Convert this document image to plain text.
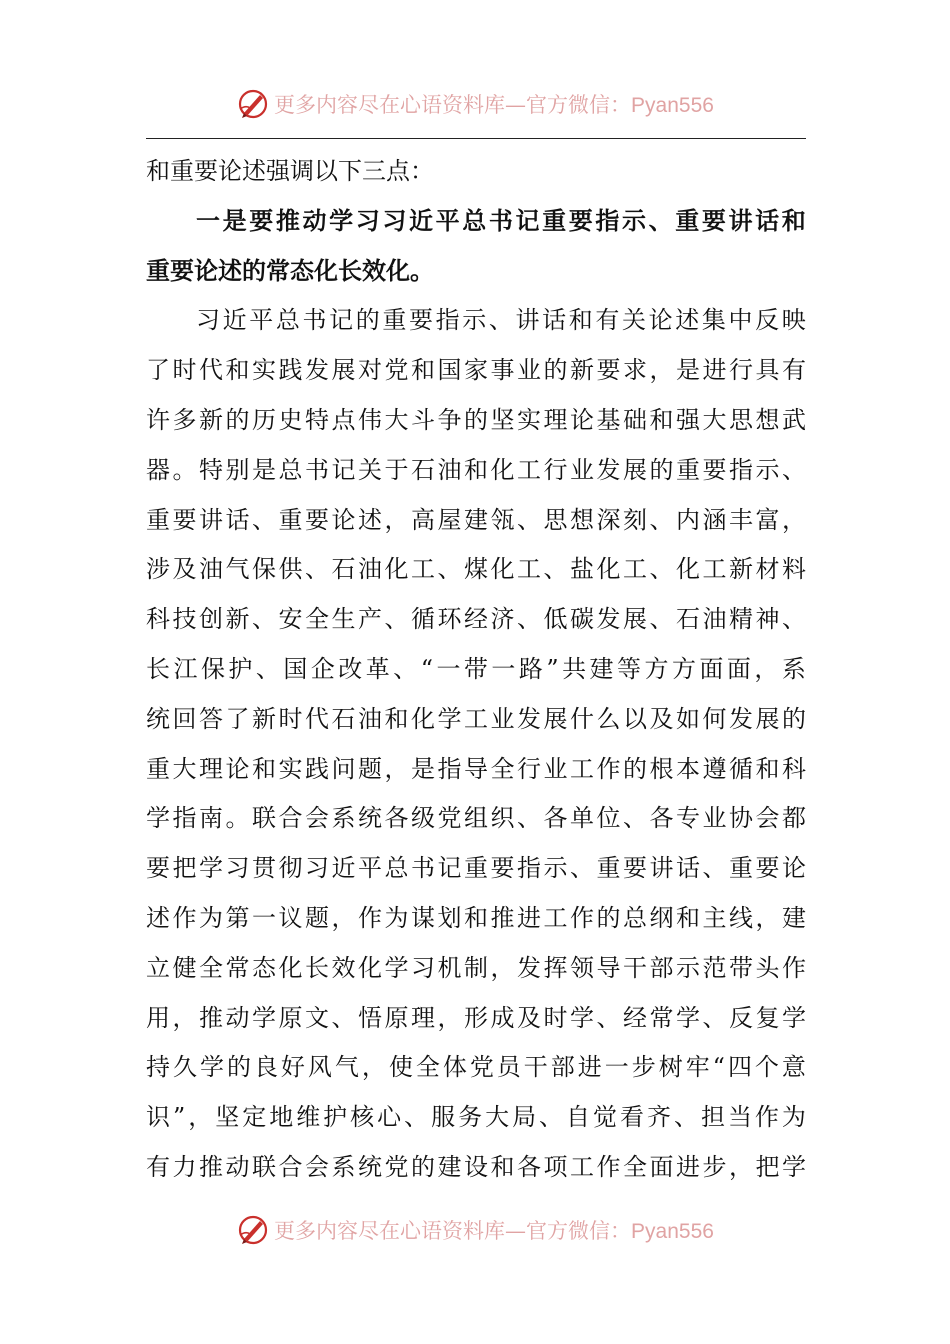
更多内容尽在心语资料库—官方微信：Pyan556
和重要论述强调以下三点：
一 是 要 推 动 学 习 习 近 平 总 书 记 重 要 指 示 、 重 要 讲 话 和
重要论述的常态化长效化。
习 近 平 总 书 记 的 重 要 指 示 、 讲 话 和 有 关 论 述 集 中 反 映
了 时 代 和 实 践 发 展 对 党 和 国 家 事 业 的 新 要 求 ， 是 进 行 具 有
许 多 新 的 历 史 特 点 伟 大 斗 争 的 坚 实 理 论 基 础 和 强 大 思 想 武
器 。 特 别 是 总 书 记 关 于 石 油 和 化 工 行 业 发 展 的 重 要 指 示 、
重 要 讲 话 、 重 要 论 述 ， 高 屋 建 瓴 、 思 想 深 刻 、 内 涵 丰 富 ，
涉 及 油 气 保 供 、 石 油 化 工 、 煤 化 工 、 盐 化 工 、 化 工 新 材 料
科 技 创 新 、 安 全 生 产 、 循 环 经 济 、 低 碳 发 展 、 石 油 精 神 、
长 江 保 护 、 国 企 改 革 、 “ 一 带 一 路 ” 共 建 等 方 方 面 面 ， 系
统 回 答 了 新 时 代 石 油 和 化 学 工 业 发 展 什 么 以 及 如 何 发 展 的
重 大 理 论 和 实 践 问 题 ， 是 指 导 全 行 业 工 作 的 根 本 遵 循 和 科
学 指 南 。 联 合 会 系 统 各 级 党 组 织 、 各 单 位 、 各 专 业 协 会 都
要 把 学 习 贯 彻 习 近 平 总 书 记 重 要 指 示 、 重 要 讲 话 、 重 要 论
述 作 为 第 一 议 题 ， 作 为 谋 划 和 推 进 工 作 的 总 纲 和 主 线 ， 建
立 健 全 常 态 化 长 效 化 学 习 机 制 ， 发 挥 领 导 干 部 示 范 带 头 作
用 ， 推 动 学 原 文 、 悟 原 理 ， 形 成 及 时 学 、 经 常 学 、 反 复 学
持 久 学 的 良 好 风 气 ， 使 全 体 党 员 干 部 进 一 步 树 牢 “ 四 个 意
识 ” ， 坚 定 地 维 护 核 心 、 服 务 大 局 、 自 觉 看 齐 、 担 当 作 为
有 力 推 动 联 合 会 系 统 党 的 建 设 和 各 项 工 作 全 面 进 步 ， 把 学
更多内容尽在心语资料库—官方微信：Pyan556
